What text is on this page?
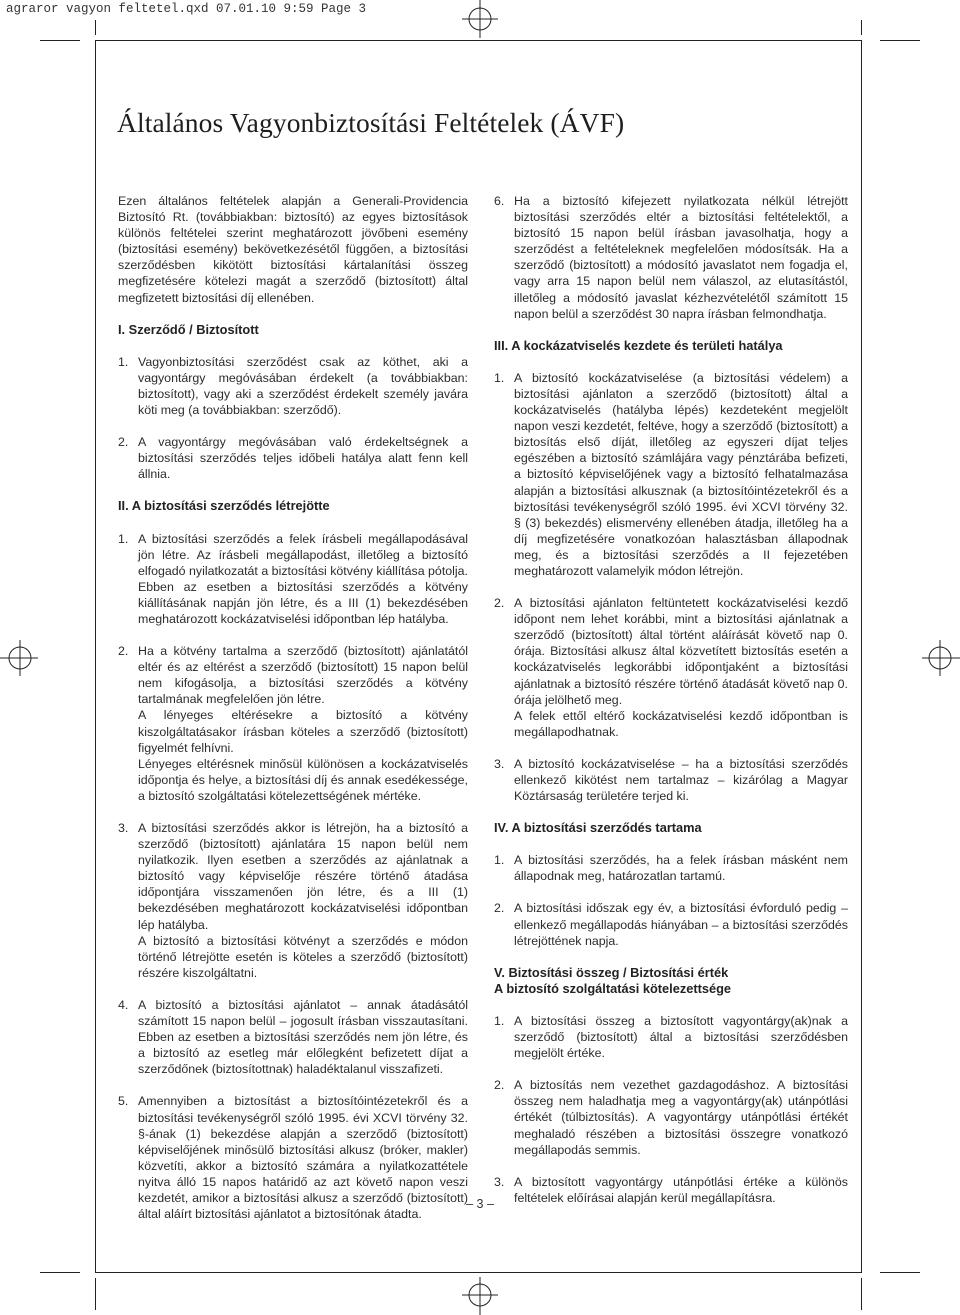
agraror vagyon feltetel.qxd 07.01.10 9:59 Page 3
Általános Vagyonbiztosítási Feltételek (ÁVF)

Ezen általános feltételek alapján a Generali-Providencia Biztosító Rt. (továbbiakban: biztosító) az egyes biztosítások különös feltételei szerint meghatározott jövőbeni esemény (biztosítási esemény) bekövetkezésétől függően, a biztosítási szerződésben kikötött biztosítási kártalanítási összeg megfizetésére kötelezi magát a szerződő (biztosított) által megfizetett biztosítási díj ellenében.

I. Szerződő / Biztosított
1. Vagyonbiztosítási szerződést csak az köthet, aki a vagyontárgy megóvásában érdekelt (a továbbiakban: biztosított), vagy aki a szerződést érdekelt személy javára köti meg (a továbbiakban: szerződő).
2. A vagyontárgy megóvásában való érdekeltségnek a biztosítási szerződés teljes időbeli hatálya alatt fenn kell állnia.
II. A biztosítási szerződés létrejötte
1. A biztosítási szerződés a felek írásbeli megállapodásával jön létre. Az írásbeli megállapodást, illetőleg a biztosító elfogadó nyilatkozatát a biztosítási kötvény kiállítása pótolja. Ebben az esetben a biztosítási szerződés a kötvény kiállításának napján jön létre, és a III (1) bekezdésében meghatározott kockázatviselési időpontban lép hatályba.
2. Ha a kötvény tartalma a szerződő (biztosított) ajánlatától eltér és az eltérést a szerződő (biztosított) 15 napon belül nem kifogásolja, a biztosítási szerződés a kötvény tartalmának megfelelően jön létre.
A lényeges eltérésekre a biztosító a kötvény kiszolgáltatásakor írásban köteles a szerződő (biztosított) figyelmét felhívni.
Lényeges eltérésnek minősül különösen a kockázatviselés időpontja és helye, a biztosítási díj és annak esedékessége, a biztosító szolgáltatási kötelezettségének mértéke.
3. A biztosítási szerződés akkor is létrejön, ha a biztosító a szerződő (biztosított) ajánlatára 15 napon belül nem nyilatkozik. Ilyen esetben a szerződés az ajánlatnak a biztosító vagy képviselője részére történő átadása időpontjára visszamenően jön létre, és a III (1) bekezdésében meghatározott kockázatviselési időpontban lép hatályba.
A biztosító a biztosítási kötvényt a szerződés e módon történő létrejötte esetén is köteles a szerződő (biztosított) részére kiszolgáltatni.
4. A biztosító a biztosítási ajánlatot – annak átadásától számított 15 napon belül – jogosult írásban visszautasítani. Ebben az esetben a biztosítási szerződés nem jön létre, és a biztosító az esetleg már elő​legként befizetett díjat a szerződőnek (biztosítottnak) haladéktalanul visszafizeti.
5. Amennyiben a biztosítást a biztosítóintézetekről és a biztosítási tevékenységről szóló 1995. évi XCVI törvény 32. §-ának (1) bekezdése alapján a szerződő (biztosított) képviselőjének minősülő biztosítási alkusz (bróker, makler) közvetíti, akkor a biztosító számára a nyilatkozattétele nyitva álló 15 napos határidő az azt követő napon veszi kezdetét, amikor a biztosítási alkusz a szerződő (biztosított) által aláírt biztosítási ajánlatot a biztosítónak átadta.
6. Ha a biztosító kifejezett nyilatkozata nélkül létrejött biztosítási szerződés eltér a biztosítási feltételektől, a biztosító 15 napon belül írásban javasolhatja, hogy a szerződést a feltételeknek megfelelően módosítsák. Ha a szerződő (biztosított) a módosító javaslatot nem fogadja el, vagy arra 15 napon belül nem válaszol, az elutasítástól, illetőleg a módosító javaslat kézhezvételétől számított 15 napon belül a szerződést 30 napra írásban felmondhatja.
III. A kockázatviselés kezdete és területi hatálya
1. A biztosító kockázatviselése (a biztosítási védelem) a biztosítási ajánlaton a szerződő (biztosított) által a kockázatviselés (hatályba lépés) kezdeteként megjelölt napon veszi kezdetét, feltéve, hogy a szerződő (biztosított) a biztosítás első díját, illetőleg az egyszeri díjat teljes egészében a biztosító számlájára vagy pénztárába befizeti, a biztosító képviselőjének vagy a biztosító felhatalmazása alapján a biztosítási alkusznak (a biztosítóintézetekről és a biztosítási tevékenységről szóló 1995. évi XCVI törvény 32. § (3) bekezdés) elismervény ellenében átadja, illetőleg ha a díj megfizetésére vonatkozóan halasztásban állapodnak meg, és a biztosítási szerződés a II fejezetében meghatározott valamelyik módon létrejön.
2. A biztosítási ajánlaton feltüntetett kockázatviselési kezdő időpont nem lehet korábbi, mint a biztosítási ajánlatnak a szerződő (biztosított) által történt aláírását követő nap 0. órája. Biztosítási alkusz által közvetített biztosítás esetén a kockázatviselés legkorábbi időpontjaként a biztosítási ajánlatnak a biztosító részére történő átadását követő nap 0. órája jelölhető meg.
A felek ettől eltérő kockázatviselési kezdő időpontban is megállapodhatnak.
3. A biztosító kockázatviselése – ha a biztosítási szerződés ellenkező kikötést nem tartalmaz – kizárólag a Magyar Köztársaság területére terjed ki.
IV. A biztosítási szerződés tartama
1. A biztosítási szerződés, ha a felek írásban másként nem állapodnak meg, határozatlan tartamú.
2. A biztosítási időszak egy év, a biztosítási évforduló pedig – ellenkező megállapodás hiányában – a biztosítási szerződés létrejöttének napja.
V. Biztosítási összeg / Biztosítási érték
A biztosító szolgáltatási kötelezettsége
1. A biztosítási összeg a biztosított vagyontárgy(ak)nak a szerződő (biztosított) által a biztosítási szerződésben megjelölt értéke.
2. A biztosítás nem vezethet gazdagodáshoz. A biztosítási összeg nem haladhatja meg a vagyontárgy(ak) utánpótlási értékét (túlbiztosítás). A vagyontárgy utánpótlási értékét meghaladó részében a biztosítási összegre vonatkozó megállapodás semmis.
3. A biztosított vagyontárgy utánpótlási értéke a különös feltételek előírásai alapján kerül megállapításra.
– 3 –
